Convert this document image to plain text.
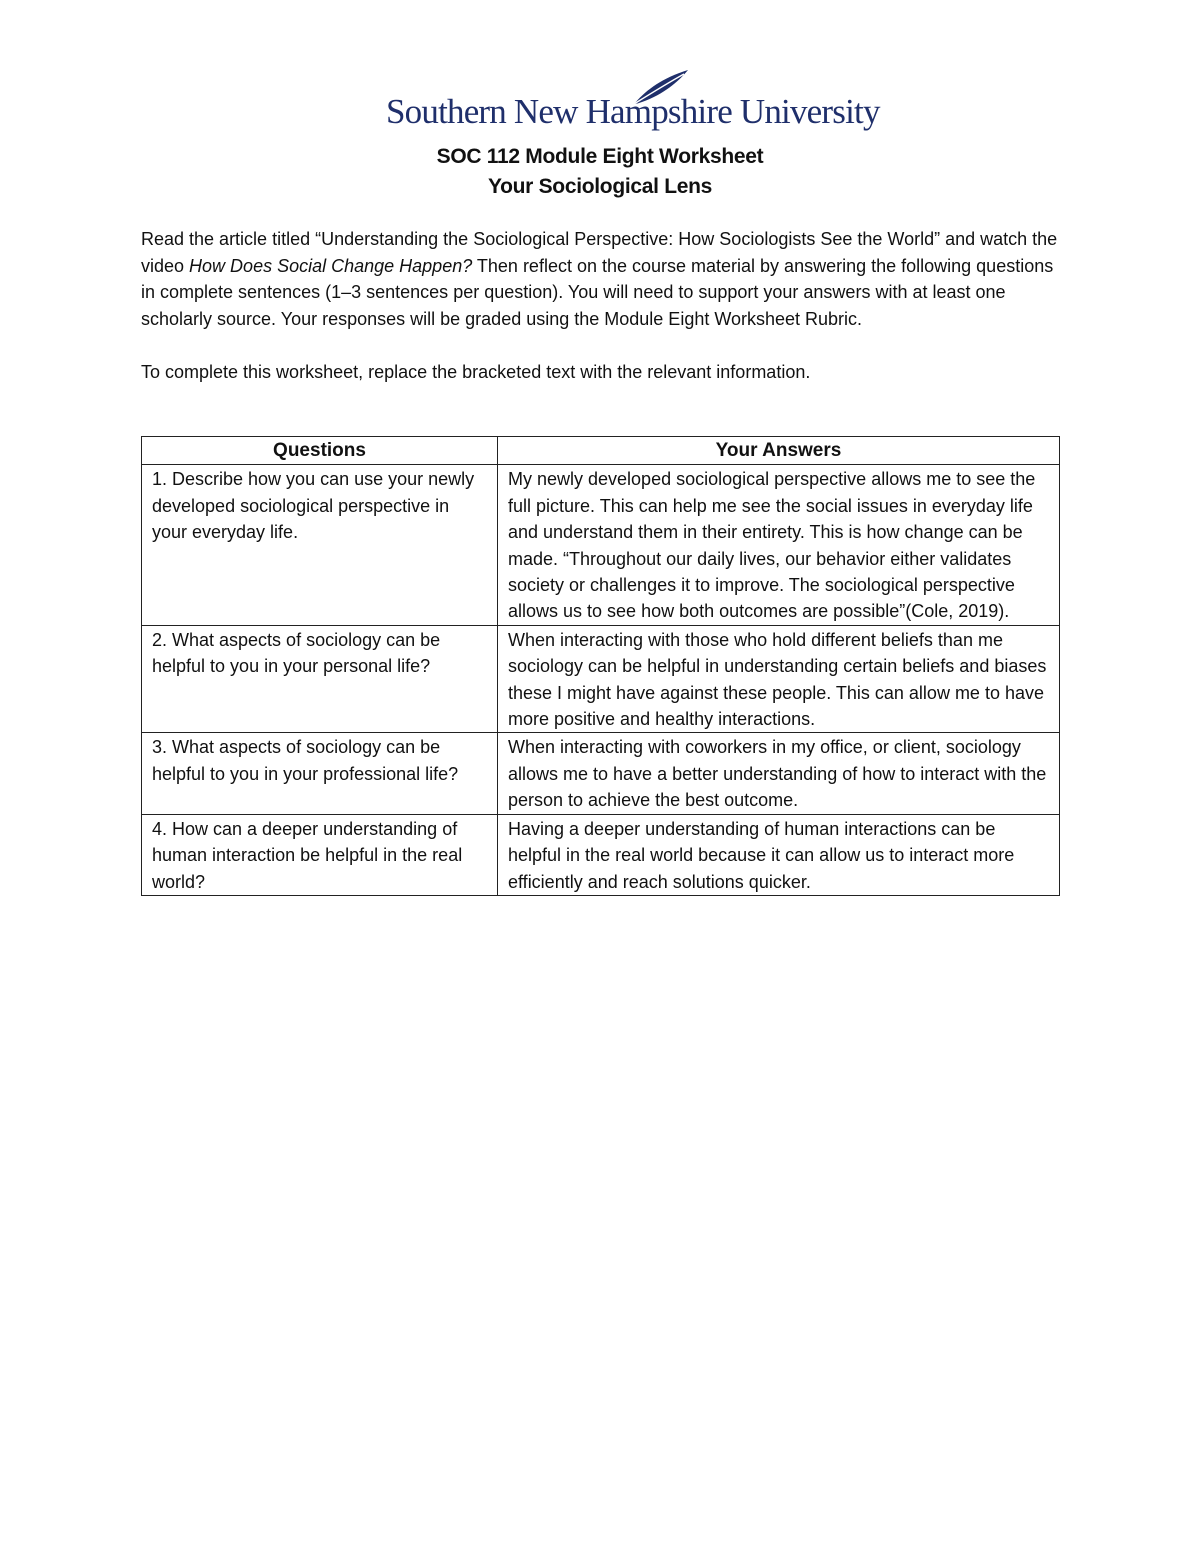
Southern New Hampshire University
SOC 112 Module Eight Worksheet
Your Sociological Lens

Read the article titled “Understanding the Sociological Perspective: How Sociologists See the World” and watch the video How Does Social Change Happen? Then reflect on the course material by answering the following questions in complete sentences (1–3 sentences per question). You will need to support your answers with at least one scholarly source. Your responses will be graded using the Module Eight Worksheet Rubric.

To complete this worksheet, replace the bracketed text with the relevant information.

Questions	Your Answers
1. Describe how you can use your newly developed sociological perspective in your everyday life.	My newly developed sociological perspective allows me to see the full picture. This can help me see the social issues in everyday life and understand them in their entirety. This is how change can be made. “Throughout our daily lives, our behavior either validates society or challenges it to improve. The sociological perspective allows us to see how both outcomes are possible”(Cole, 2019).
2. What aspects of sociology can be helpful to you in your personal life?	When interacting with those who hold different beliefs than me sociology can be helpful in understanding certain beliefs and biases these I might have against these people. This can allow me to have more positive and healthy interactions.
3. What aspects of sociology can be helpful to you in your professional life?	When interacting with coworkers in my office, or client, sociology allows me to have a better understanding of how to interact with the person to achieve the best outcome.
4. How can a deeper understanding of human interaction be helpful in the real world?	Having a deeper understanding of human interactions can be helpful in the real world because it can allow us to interact more efficiently and reach solutions quicker.
